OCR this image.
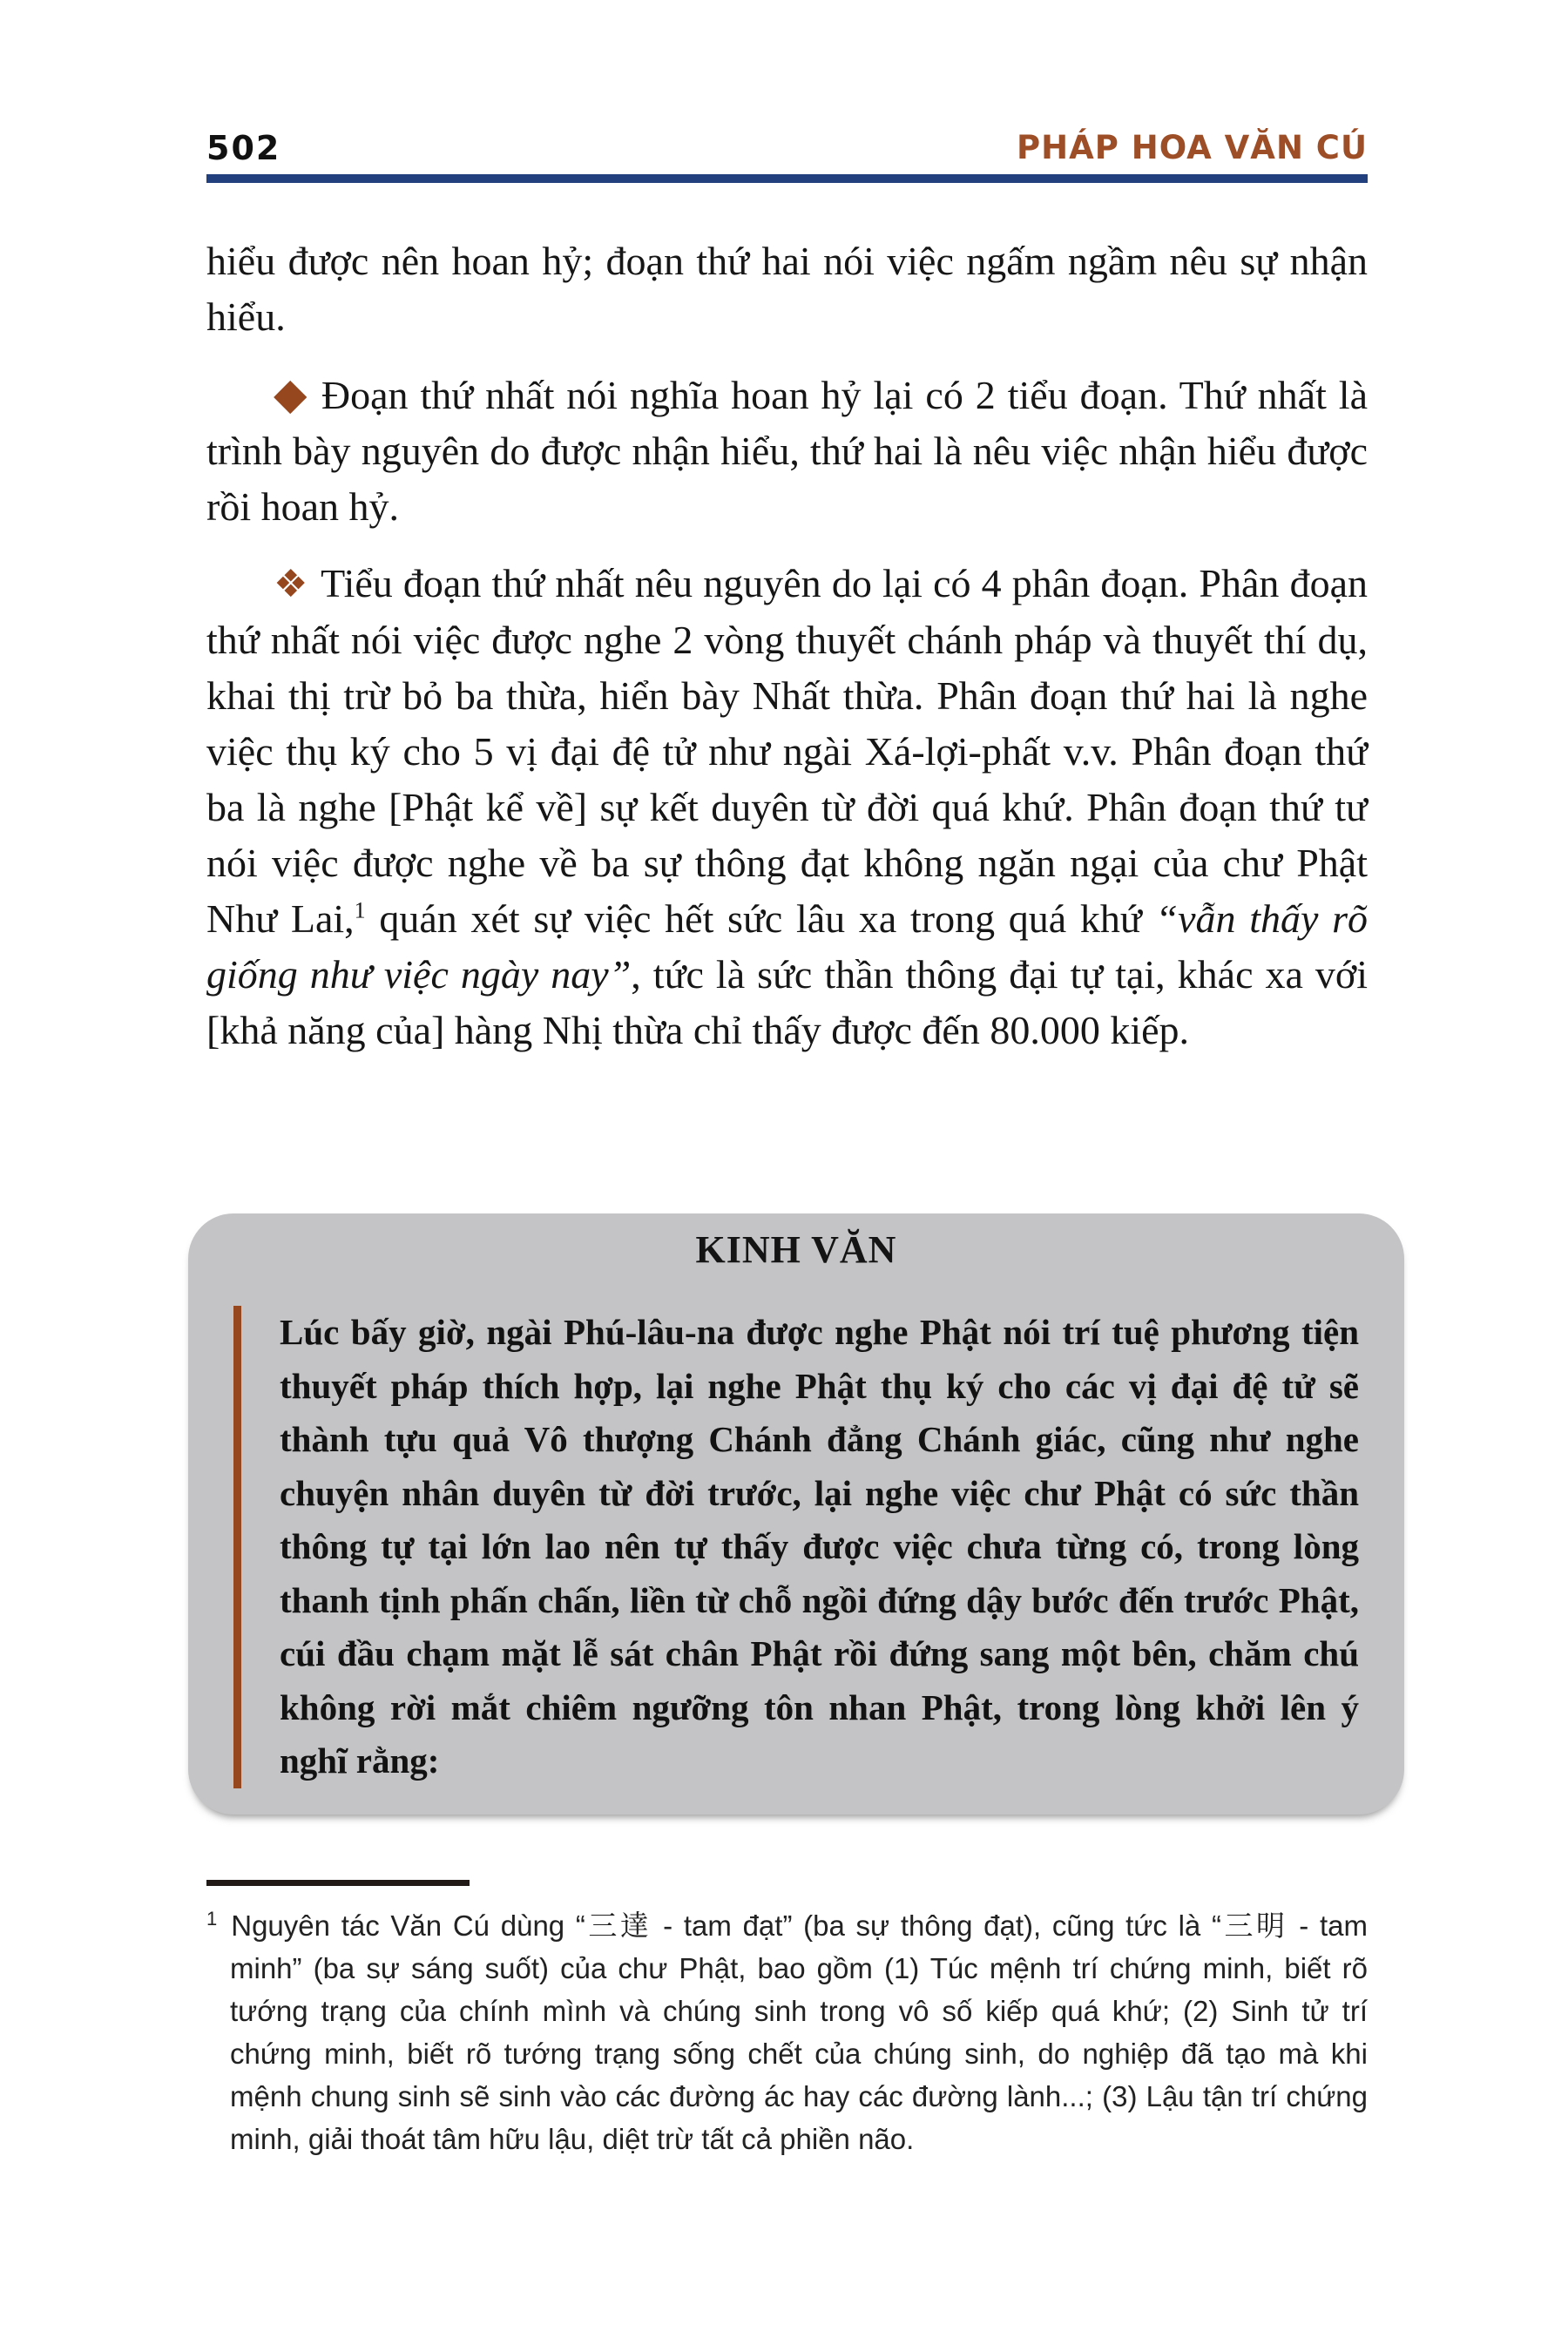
502	PHÁP HOA VĂN CÚ

hiểu được nên hoan hỷ; đoạn thứ hai nói việc ngấm ngầm nêu sự nhận hiểu.

◆ Đoạn thứ nhất nói nghĩa hoan hỷ lại có 2 tiểu đoạn. Thứ nhất là trình bày nguyên do được nhận hiểu, thứ hai là nêu việc nhận hiểu được rồi hoan hỷ.

❖ Tiểu đoạn thứ nhất nêu nguyên do lại có 4 phân đoạn. Phân đoạn thứ nhất nói việc được nghe 2 vòng thuyết chánh pháp và thuyết thí dụ, khai thị trừ bỏ ba thừa, hiển bày Nhất thừa. Phân đoạn thứ hai là nghe việc thụ ký cho 5 vị đại đệ tử như ngài Xá-lợi-phất v.v. Phân đoạn thứ ba là nghe [Phật kể về] sự kết duyên từ đời quá khứ. Phân đoạn thứ tư nói việc được nghe về ba sự thông đạt không ngăn ngại của chư Phật Như Lai,$^1$ quán xét sự việc hết sức lâu xa trong quá khứ “vẫn thấy rõ giống như việc ngày nay”, tức là sức thần thông đại tự tại, khác xa với [khả năng của] hàng Nhị thừa chỉ thấy được đến 80.000 kiếp.

KINH VĂN

Lúc bấy giờ, ngài Phú-lâu-na được nghe Phật nói trí tuệ phương tiện thuyết pháp thích hợp, lại nghe Phật thụ ký cho các vị đại đệ tử sẽ thành tựu quả Vô thượng Chánh đẳng Chánh giác, cũng như nghe chuyện nhân duyên từ đời trước, lại nghe việc chư Phật có sức thần thông tự tại lớn lao nên tự thấy được việc chưa từng có, trong lòng thanh tịnh phấn chấn, liền từ chỗ ngồi đứng dậy bước đến trước Phật, cúi đầu chạm mặt lễ sát chân Phật rồi đứng sang một bên, chăm chú không rời mắt chiêm ngưỡng tôn nhan Phật, trong lòng khởi lên ý nghĩ rằng:
$^1$ Nguyên tác Văn Cú dùng “三達 - tam đạt” (ba sự thông đạt), cũng tức là “三明 - tam minh” (ba sự sáng suốt) của chư Phật, bao gồm (1) Túc mệnh trí chứng minh, biết rõ tướng trạng của chính mình và chúng sinh trong vô số kiếp quá khứ; (2) Sinh tử trí chứng minh, biết rõ tướng trạng sống chết của chúng sinh, do nghiệp đã tạo mà khi mệnh chung sinh sẽ sinh vào các đường ác hay các đường lành...; (3) Lậu tận trí chứng minh, giải thoát tâm hữu lậu, diệt trừ tất cả phiền não.
